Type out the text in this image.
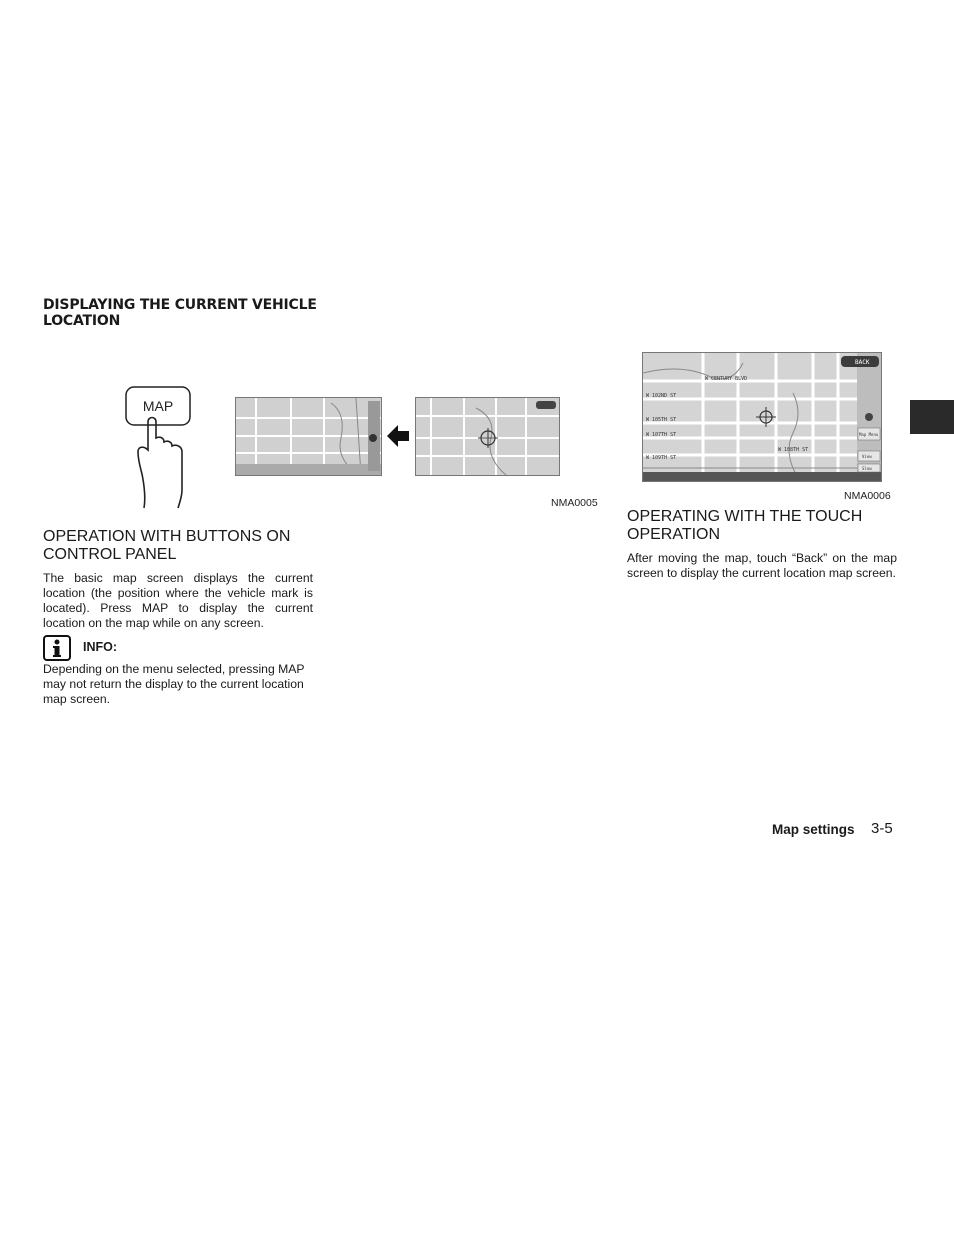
DISPLAYING THE CURRENT VEHICLE LOCATION
MAP
NMA0005
W CENTURY BLVD
W 102ND ST
W 105TH ST
W 107TH ST
W 108TH ST
W 109TH ST
BACK
Map Menu
View
Slow
NMA0006
OPERATION WITH BUTTONS ON CONTROL PANEL
The basic map screen displays the current location (the position where the vehicle mark is located). Press MAP to display the current location on the map while on any screen.
INFO:
Depending on the menu selected, pressing MAP may not return the display to the current location map screen.
OPERATING WITH THE TOUCH OPERATION
After moving the map, touch “Back” on the map screen to display the current location map screen.
Map settings 3-5
